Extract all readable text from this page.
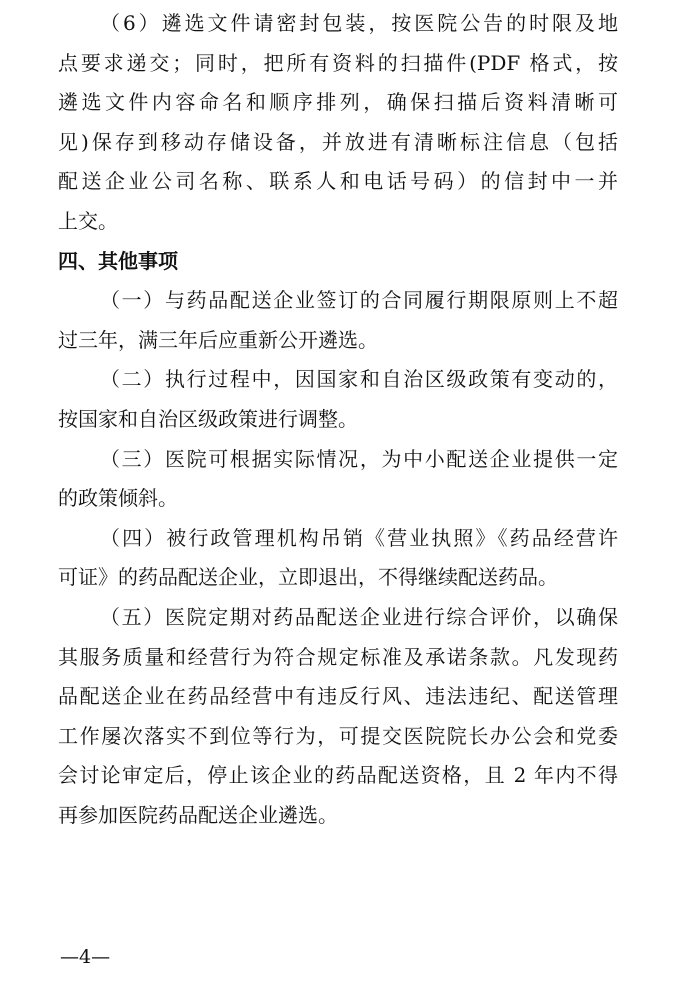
（6）遴选文件请密封包装，按医院公告的时限及地
点要求递交；同时，把所有资料的扫描件(PDF 格式，按
遴选文件内容命名和顺序排列，确保扫描后资料清晰可
见)保存到移动存储设备，并放进有清晰标注信息（包括
配送企业公司名称、联系人和电话号码）的信封中一并
上交。
四、其他事项
（一）与药品配送企业签订的合同履行期限原则上不超
过三年，满三年后应重新公开遴选。
（二）执行过程中，因国家和自治区级政策有变动的，
按国家和自治区级政策进行调整。
（三）医院可根据实际情况，为中小配送企业提供一定
的政策倾斜。
（四）被行政管理机构吊销《营业执照》《药品经营许
可证》的药品配送企业，立即退出，不得继续配送药品。
（五）医院定期对药品配送企业进行综合评价，以确保
其服务质量和经营行为符合规定标准及承诺条款。凡发现药
品配送企业在药品经营中有违反行风、违法违纪、配送管理
工作屡次落实不到位等行为，可提交医院院长办公会和党委
会讨论审定后，停止该企业的药品配送资格，且 2 年内不得
再参加医院药品配送企业遴选。
—4—
